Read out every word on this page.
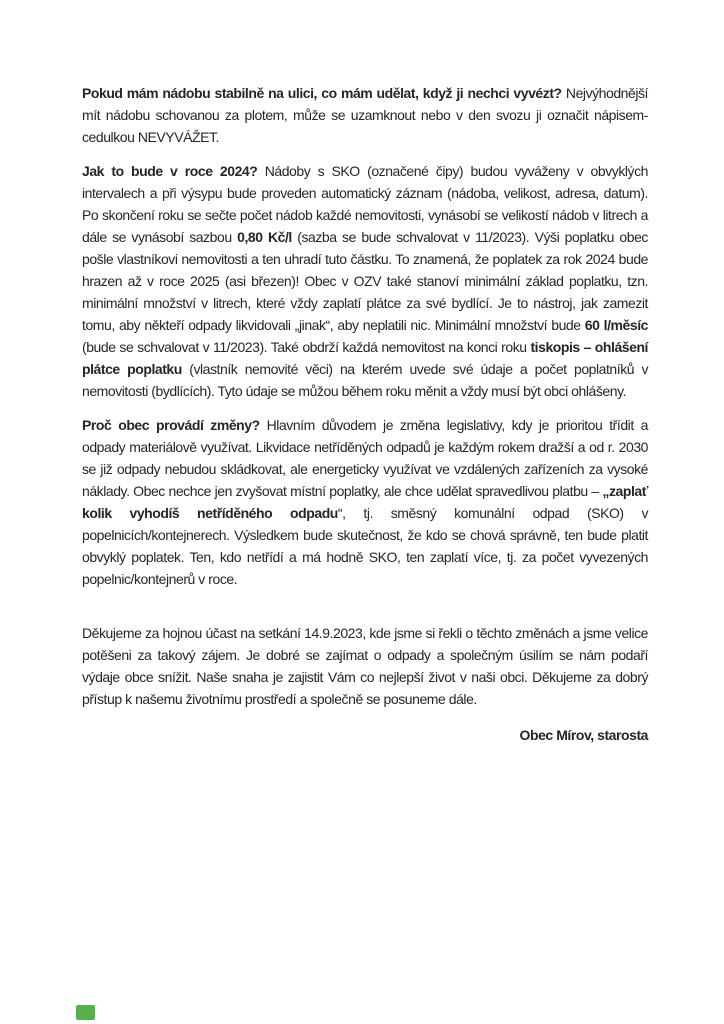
Pokud mám nádobu stabilně na ulici, co mám udělat, když ji nechci vyvézt? Nejvýhodnější mít nádobu schovanou za plotem, může se uzamknout nebo v den svozu ji označit nápisem-cedulkou NEVYVÁŽET.

Jak to bude v roce 2024? Nádoby s SKO (označené čipy) budou vyváženy v obvyklých intervalech a při výsypu bude proveden automatický záznam (nádoba, velikost, adresa, datum). Po skončení roku se sečte počet nádob každé nemovitosti, vynásobí se velikostí nádob v litrech a dále se vynásobí sazbou 0,80 Kč/l (sazba se bude schvalovat v 11/2023). Výši poplatku obec pošle vlastníkovi nemovitosti a ten uhradí tuto částku. To znamená, že poplatek za rok 2024 bude hrazen až v roce 2025 (asi březen)! Obec v OZV také stanoví minimální základ poplatku, tzn. minimální množství v litrech, které vždy zaplatí plátce za své bydlící. Je to nástroj, jak zamezit tomu, aby někteří odpady likvidovali „jinak“, aby neplatili nic. Minimální množství bude 60 l/měsíc (bude se schvalovat v 11/2023). Také obdrží každá nemovitost na konci roku tiskopis – ohlášení plátce poplatku (vlastník nemovité věci) na kterém uvede své údaje a počet poplatníků v nemovitosti (bydlících). Tyto údaje se můžou během roku měnit a vždy musí být obci ohlášeny.

Proč obec provádí změny? Hlavním důvodem je změna legislativy, kdy je prioritou třídit a odpady materiálově využívat. Likvidace netříděných odpadů je každým rokem dražší a od r. 2030 se již odpady nebudou skládkovat, ale energeticky využívat ve vzdálených zařízeních za vysoké náklady. Obec nechce jen zvyšovat místní poplatky, ale chce udělat spravedlivou platbu – „zaplať kolik vyhodíš netříděného odpadu“, tj. směsný komunální odpad (SKO) v popelnicích/kontejnerech. Výsledkem bude skutečnost, že kdo se chová správně, ten bude platit obvyklý poplatek. Ten, kdo netřídí a má hodně SKO, ten zaplatí více, tj. za počet vyvezených popelnic/kontejnerů v roce.

Děkujeme za hojnou účast na setkání 14.9.2023, kde jsme si řekli o těchto změnách a jsme velice potěšeni za takový zájem. Je dobré se zajímat o odpady a společným úsilím se nám podaří výdaje obce snížit. Naše snaha je zajistit Vám co nejlepší život v naši obci. Děkujeme za dobrý přístup k našemu životnímu prostředí a společně se posuneme dále.

Obec Mírov, starosta
